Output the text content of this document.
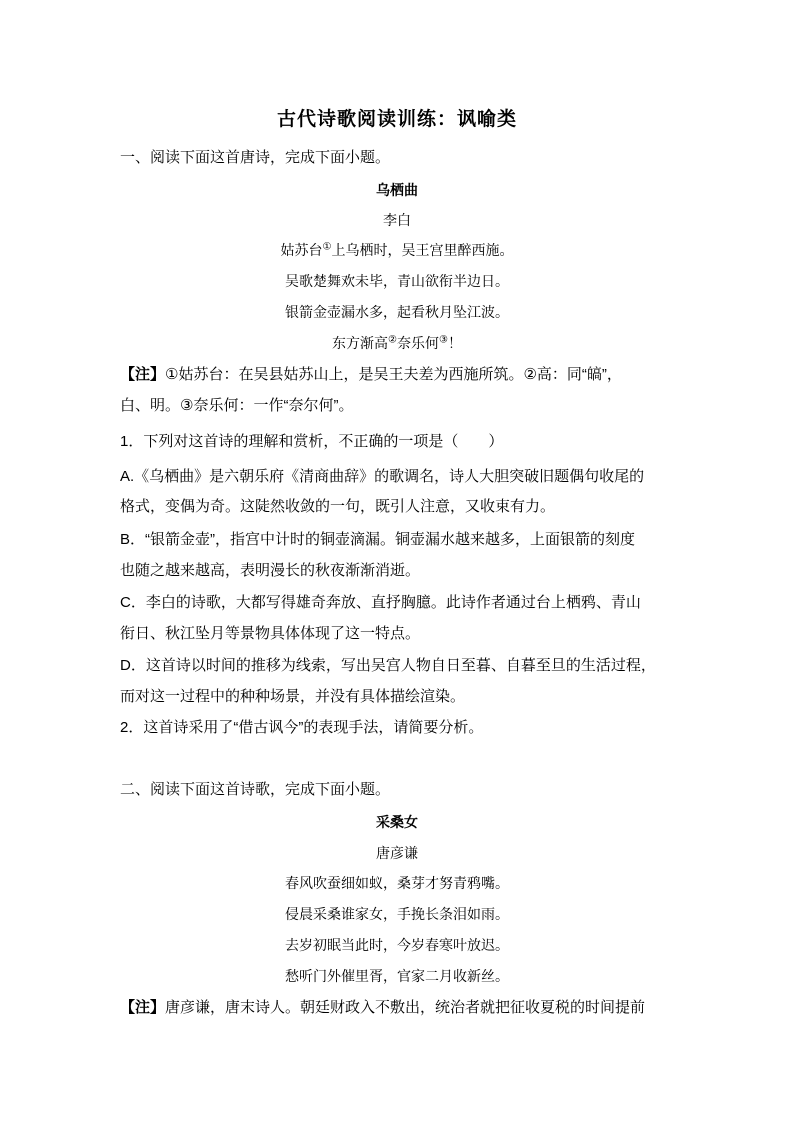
古代诗歌阅读训练：讽喻类
一、阅读下面这首唐诗，完成下面小题。
乌栖曲
李白
姑苏台①上乌栖时，吴王宫里醉西施。
吴歌楚舞欢未毕，青山欲衔半边日。
银箭金壶漏水多，起看秋月坠江波。
东方渐高②奈乐何③！
【注】①姑苏台：在吴县姑苏山上，是吴王夫差为西施所筑。②高：同“皜”，
白、明。③奈乐何：一作“奈尔何”。
1．下列对这首诗的理解和赏析，不正确的一项是（　　）
A.《乌栖曲》是六朝乐府《清商曲辞》的歌调名，诗人大胆突破旧题偶句收尾的
格式，变偶为奇。这陡然收敛的一句，既引人注意，又收束有力。
B．“银箭金壶”，指宫中计时的铜壶滴漏。铜壶漏水越来越多，上面银箭的刻度
也随之越来越高，表明漫长的秋夜渐渐消逝。
C．李白的诗歌，大都写得雄奇奔放、直抒胸臆。此诗作者通过台上栖鸦、青山
衔日、秋江坠月等景物具体体现了这一特点。
D．这首诗以时间的推移为线索，写出吴宫人物自日至暮、自暮至旦的生活过程，
而对这一过程中的种种场景，并没有具体描绘渲染。
2．这首诗采用了“借古讽今”的表现手法，请简要分析。
二、阅读下面这首诗歌，完成下面小题。
采桑女
唐彦谦
春风吹蚕细如蚁，桑芽才努青鸦嘴。
侵晨采桑谁家女，手挽长条泪如雨。
去岁初眠当此时，今岁春寒叶放迟。
愁听门外催里胥，官家二月收新丝。
【注】唐彦谦，唐末诗人。朝廷财政入不敷出，统治者就把征收夏税的时间提前
